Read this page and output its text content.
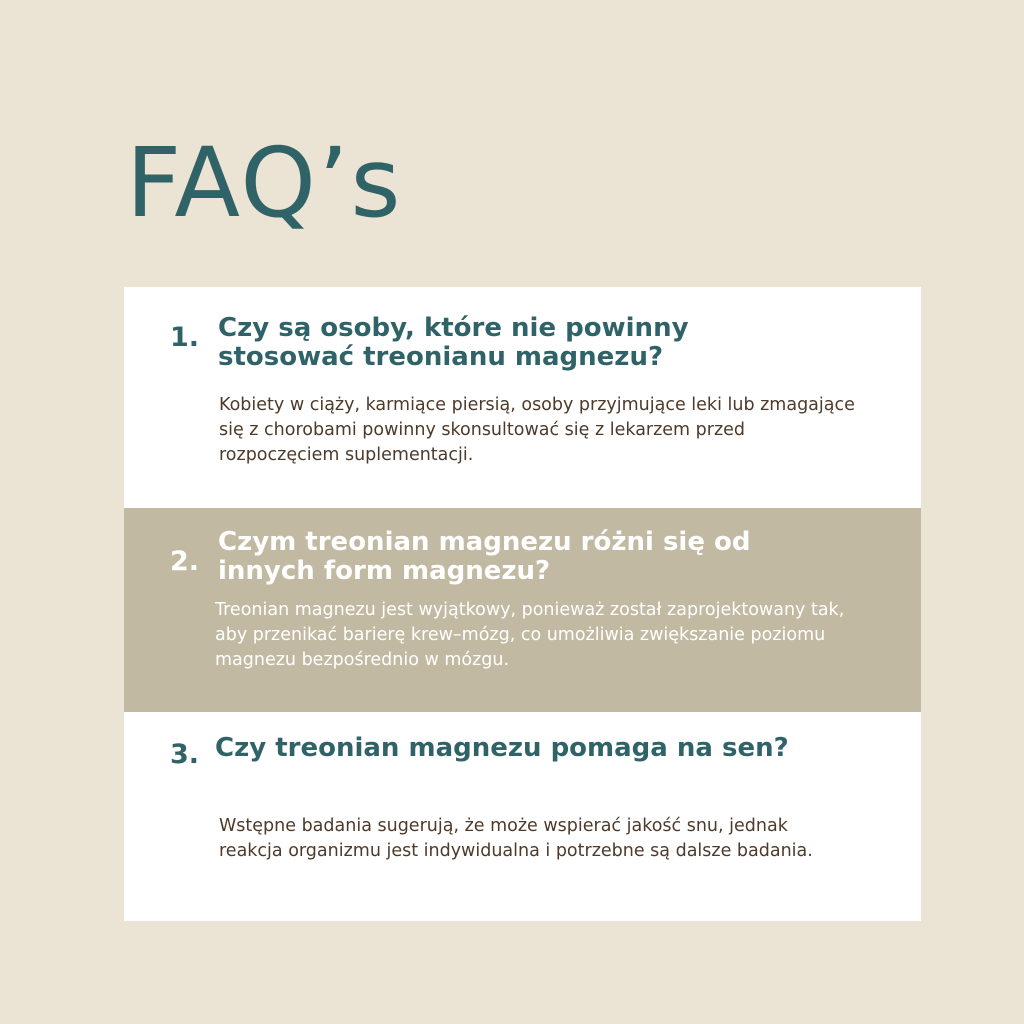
FAQ’s
1. Czy są osoby, które nie powinny stosować treonianu magnezu?

Kobiety w ciąży, karmiące piersią, osoby przyjmujące leki lub zmagające się z chorobami powinny skonsultować się z lekarzem przed rozpoczęciem suplementacji.

2.
Czym treonian magnezu różni się od innych form magnezu?

Treonian magnezu jest wyjątkowy, ponieważ został zaprojektowany tak, aby przenikać barierę krew–mózg, co umożliwia zwiększanie poziomu magnezu bezpośrednio w mózgu.

3. Czy treonian magnezu pomaga na sen?

Wstępne badania sugerują, że może wspierać jakość snu, jednak reakcja organizmu jest indywidualna i potrzebne są dalsze badania.
